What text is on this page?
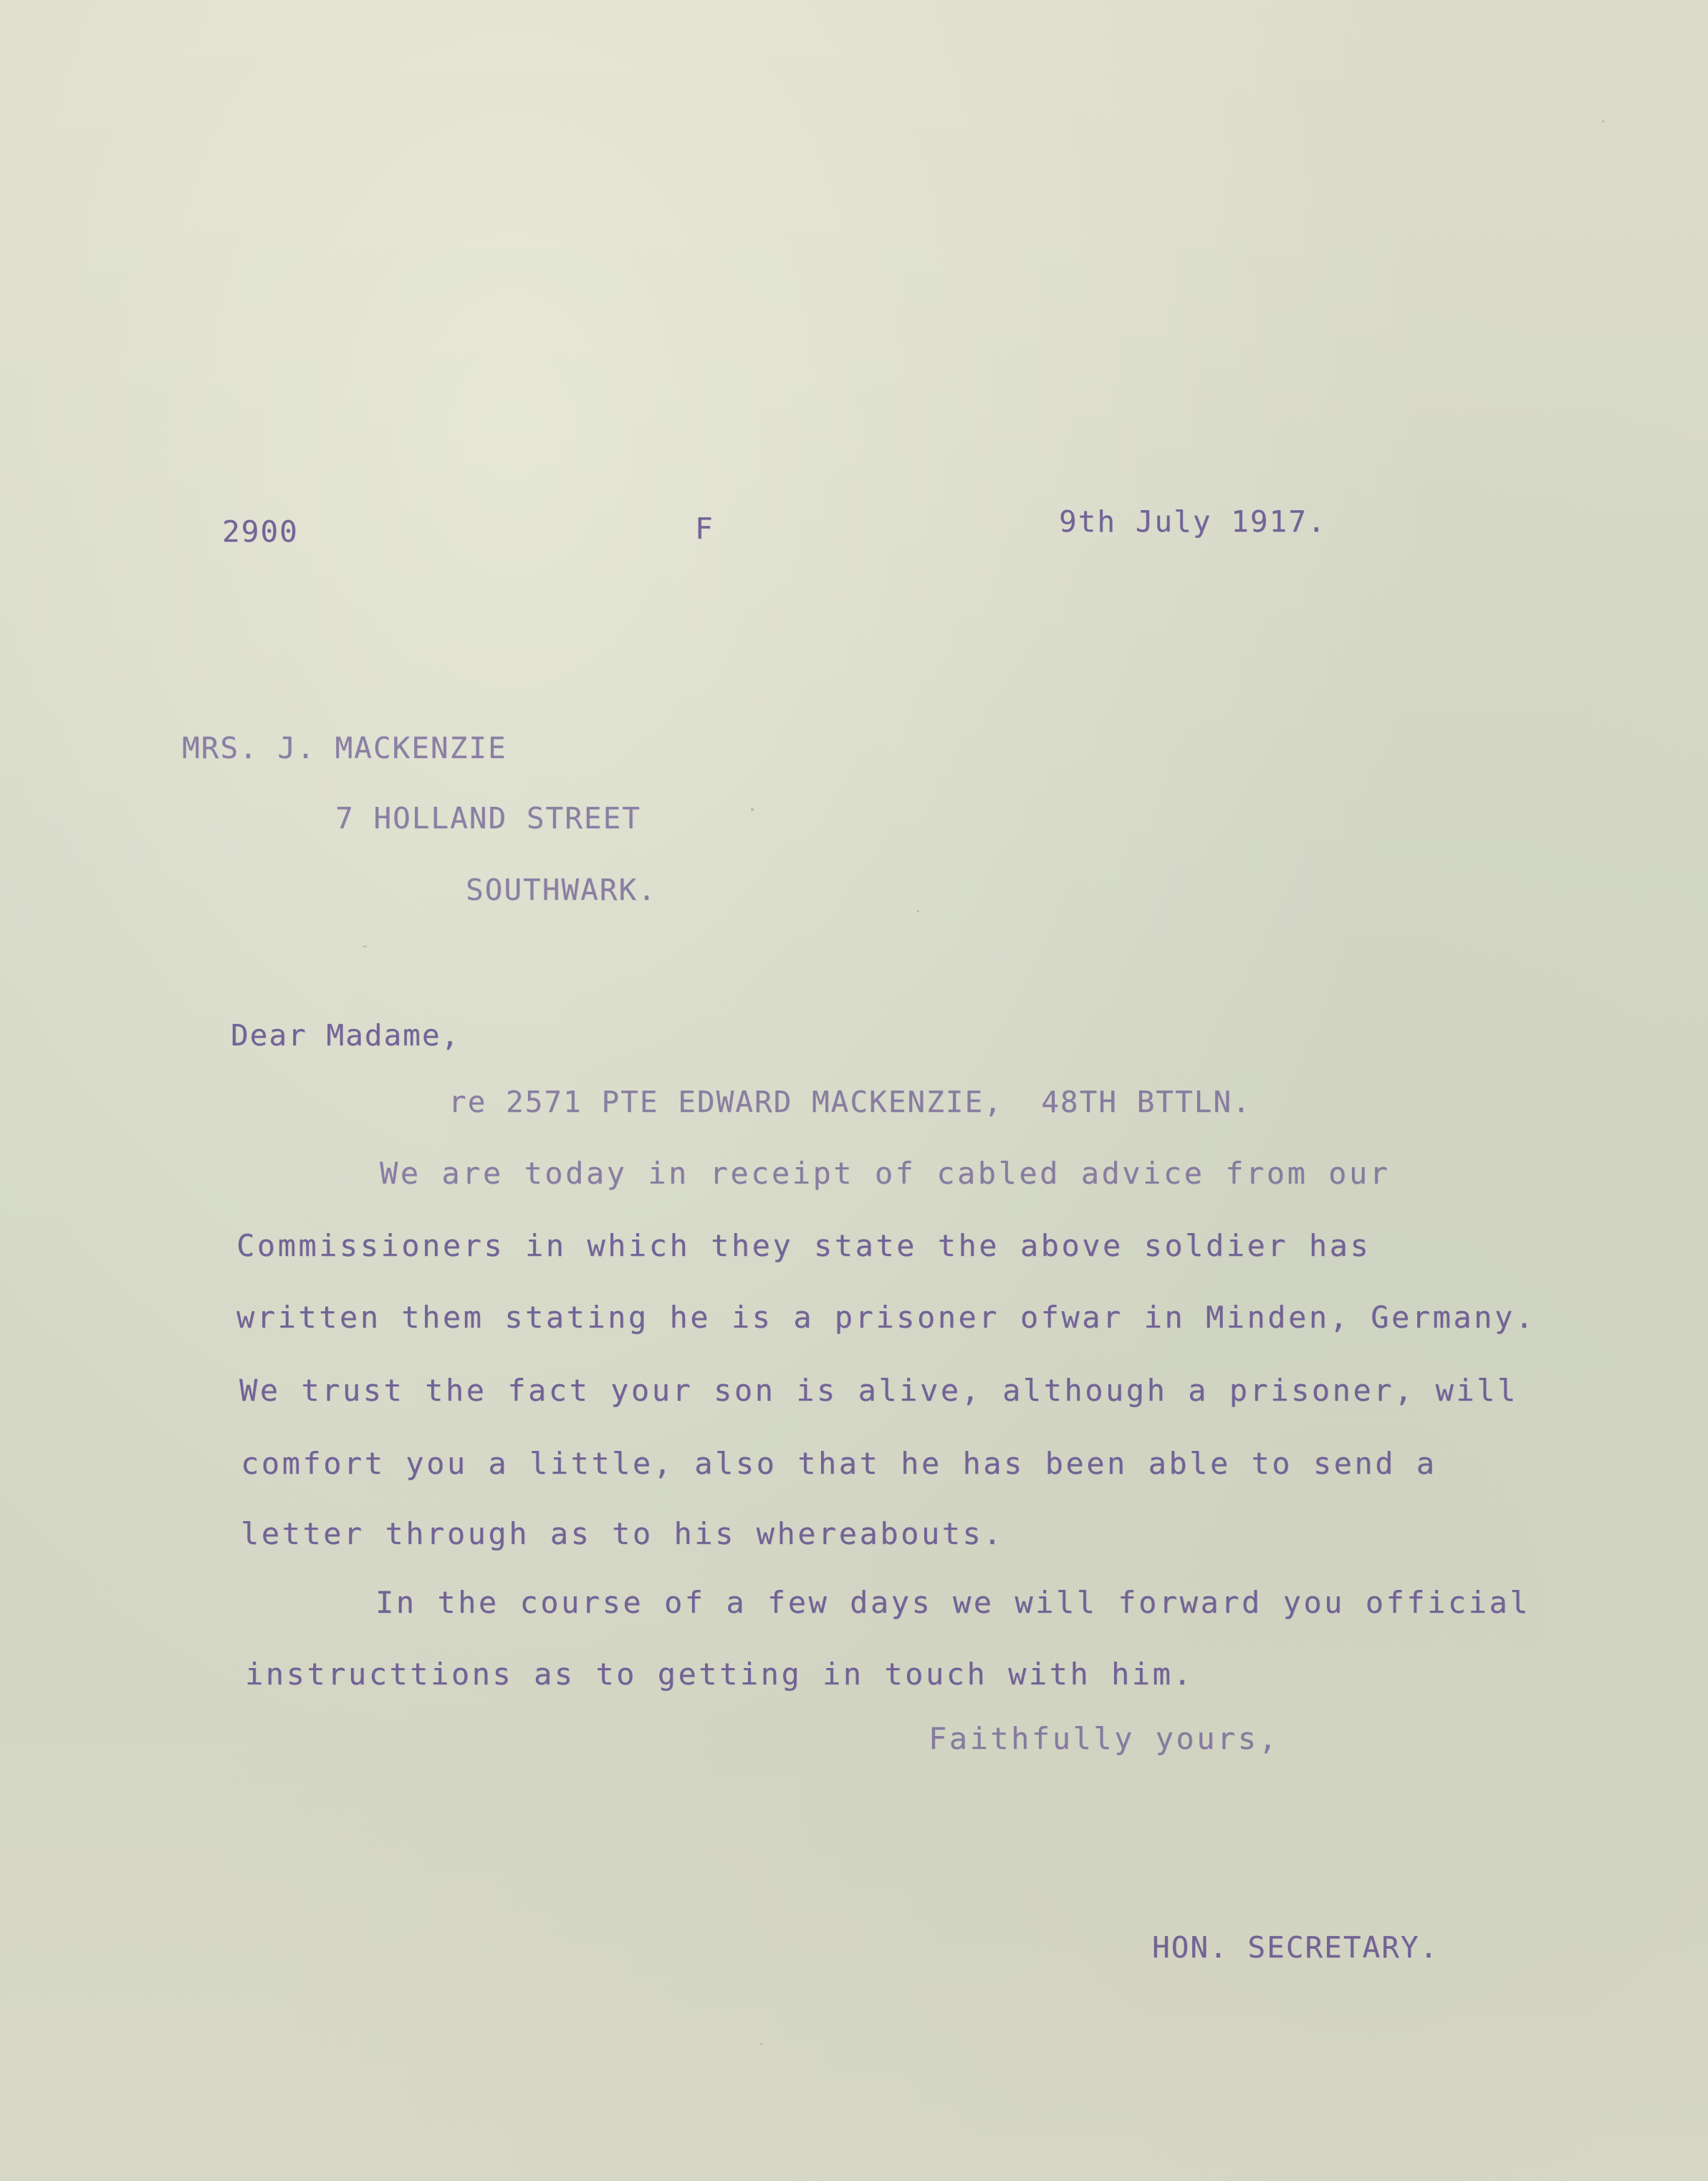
2900	F	9th July 1917.
MRS. J. MACKENZIE
7 HOLLAND STREET
SOUTHWARK.
Dear Madame,
re 2571 PTE EDWARD MACKENZIE,  48TH BTTLN.
We are today in receipt of cabled advice from our
Commissioners in which they state the above soldier has
written them stating he is a prisoner ofwar in Minden, Germany.
We trust the fact your son is alive, although a prisoner, will
comfort you a little, also that he has been able to send a
letter through as to his whereabouts.
In the course of a few days we will forward you official
instructtions as to getting in touch with him.
Faithfully yours,
HON. SECRETARY.
